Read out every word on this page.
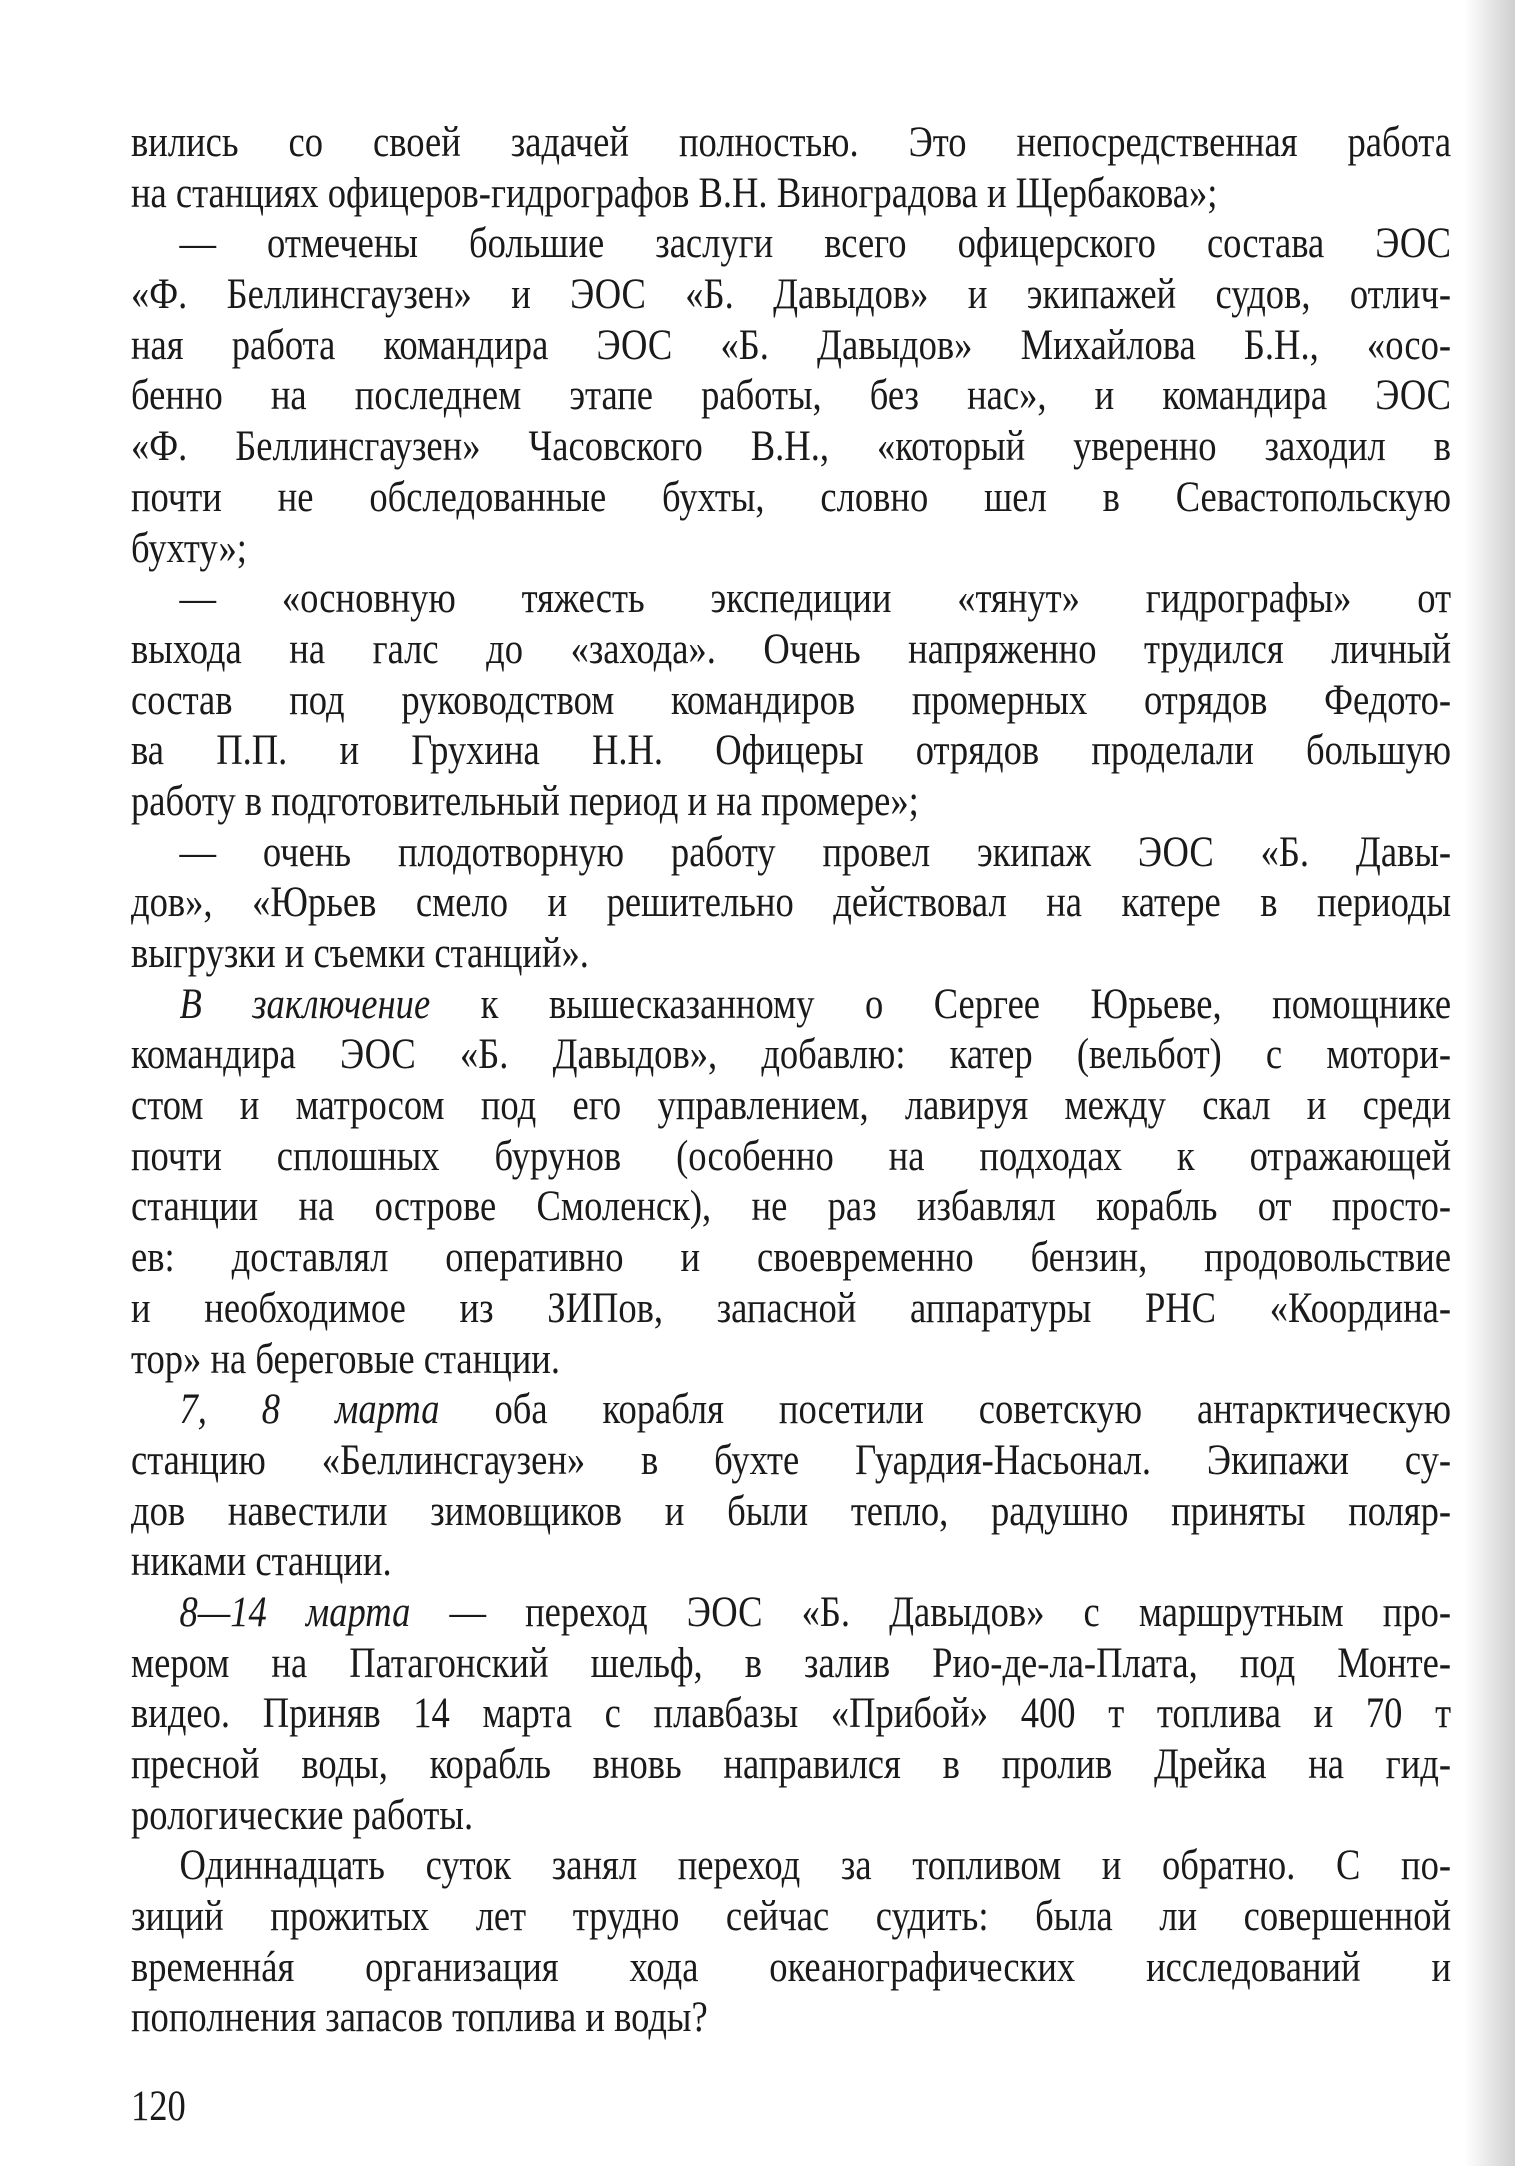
вились со своей задачей полностью. Это непосредственная работа
на станциях офицеров-гидрографов В.Н. Виноградова и Щербакова»;
— отмечены большие заслуги всего офицерского состава ЭОС
«Ф. Беллинсгаузен» и ЭОС «Б. Давыдов» и экипажей судов, отлич-
ная работа командира ЭОС «Б. Давыдов» Михайлова Б.Н., «осо-
бенно на последнем этапе работы, без нас», и командира ЭОС
«Ф. Беллинсгаузен» Часовского В.Н., «который уверенно заходил в
почти не обследованные бухты, словно шел в Севастопольскую
бухту»;
— «основную тяжесть экспедиции «тянут» гидрографы» от
выхода на галс до «захода». Очень напряженно трудился личный
состав под руководством командиров промерных отрядов Федото-
ва П.П. и Грухина Н.Н. Офицеры отрядов проделали большую
работу в подготовительный период и на промере»;
— очень плодотворную работу провел экипаж ЭОС «Б. Давы-
дов», «Юрьев смело и решительно действовал на катере в периоды
выгрузки и съемки станций».
В заключение к вышесказанному о Сергее Юрьеве, помощнике
командира ЭОС «Б. Давыдов», добавлю: катер (вельбот) с мотори-
стом и матросом под его управлением, лавируя между скал и среди
почти сплошных бурунов (особенно на подходах к отражающей
станции на острове Смоленск), не раз избавлял корабль от просто-
ев: доставлял оперативно и своевременно бензин, продовольствие
и необходимое из ЗИПов, запасной аппаратуры РНС «Координа-
тор» на береговые станции.
7, 8 марта оба корабля посетили советскую антарктическую
станцию «Беллинсгаузен» в бухте Гуардия-Насьонал. Экипажи су-
дов навестили зимовщиков и были тепло, радушно приняты поляр-
никами станции.
8—14 марта — переход ЭОС «Б. Давыдов» с маршрутным про-
мером на Патагонский шельф, в залив Рио-де-ла-Плата, под Монте-
видео. Приняв 14 марта с плавбазы «Прибой» 400 т топлива и 70 т
пресной воды, корабль вновь направился в пролив Дрейка на гид-
рологические работы.
Одиннадцать суток занял переход за топливом и обратно. С по-
зиций прожитых лет трудно сейчас судить: была ли совершенной
временнáя организация хода океанографических исследований и
пополнения запасов топлива и воды?
120
